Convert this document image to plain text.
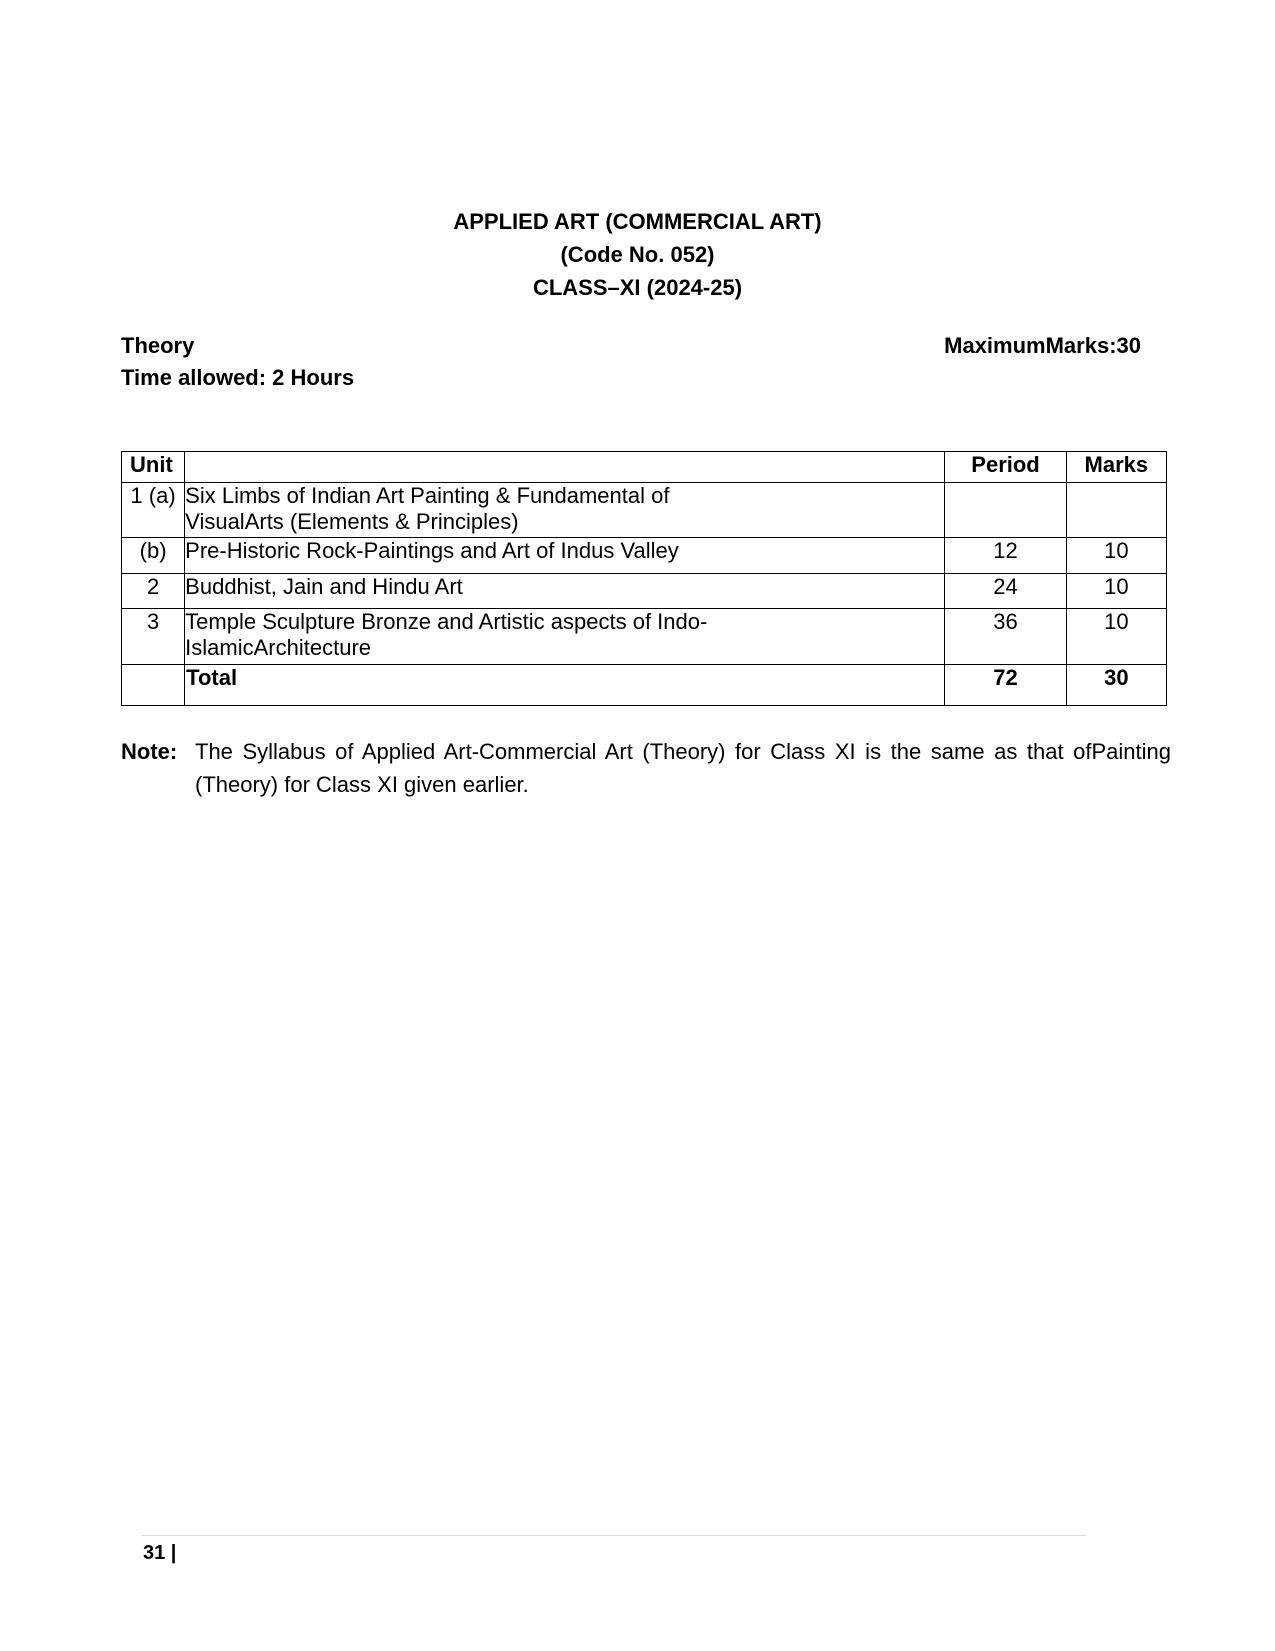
APPLIED ART (COMMERCIAL ART)
(Code No. 052)
CLASS–XI (2024-25)
Theory	MaximumMarks:30
Time allowed: 2 Hours
Unit		Period	Marks
1 (a)	Six Limbs of Indian Art Painting & Fundamental of
VisualArts (Elements & Principles)		

(b)	Pre-Historic Rock-Paintings and Art of Indus Valley	12	10
2	Buddhist, Jain and Hindu Art	24	10
3	Temple Sculpture Bronze and Artistic aspects of Indo-
IslamicArchitecture	36	10
	Total	72	30
Note: The Syllabus of Applied Art-Commercial Art (Theory) for Class XI is the same as that ofPainting (Theory) for Class XI given earlier.
31 |
